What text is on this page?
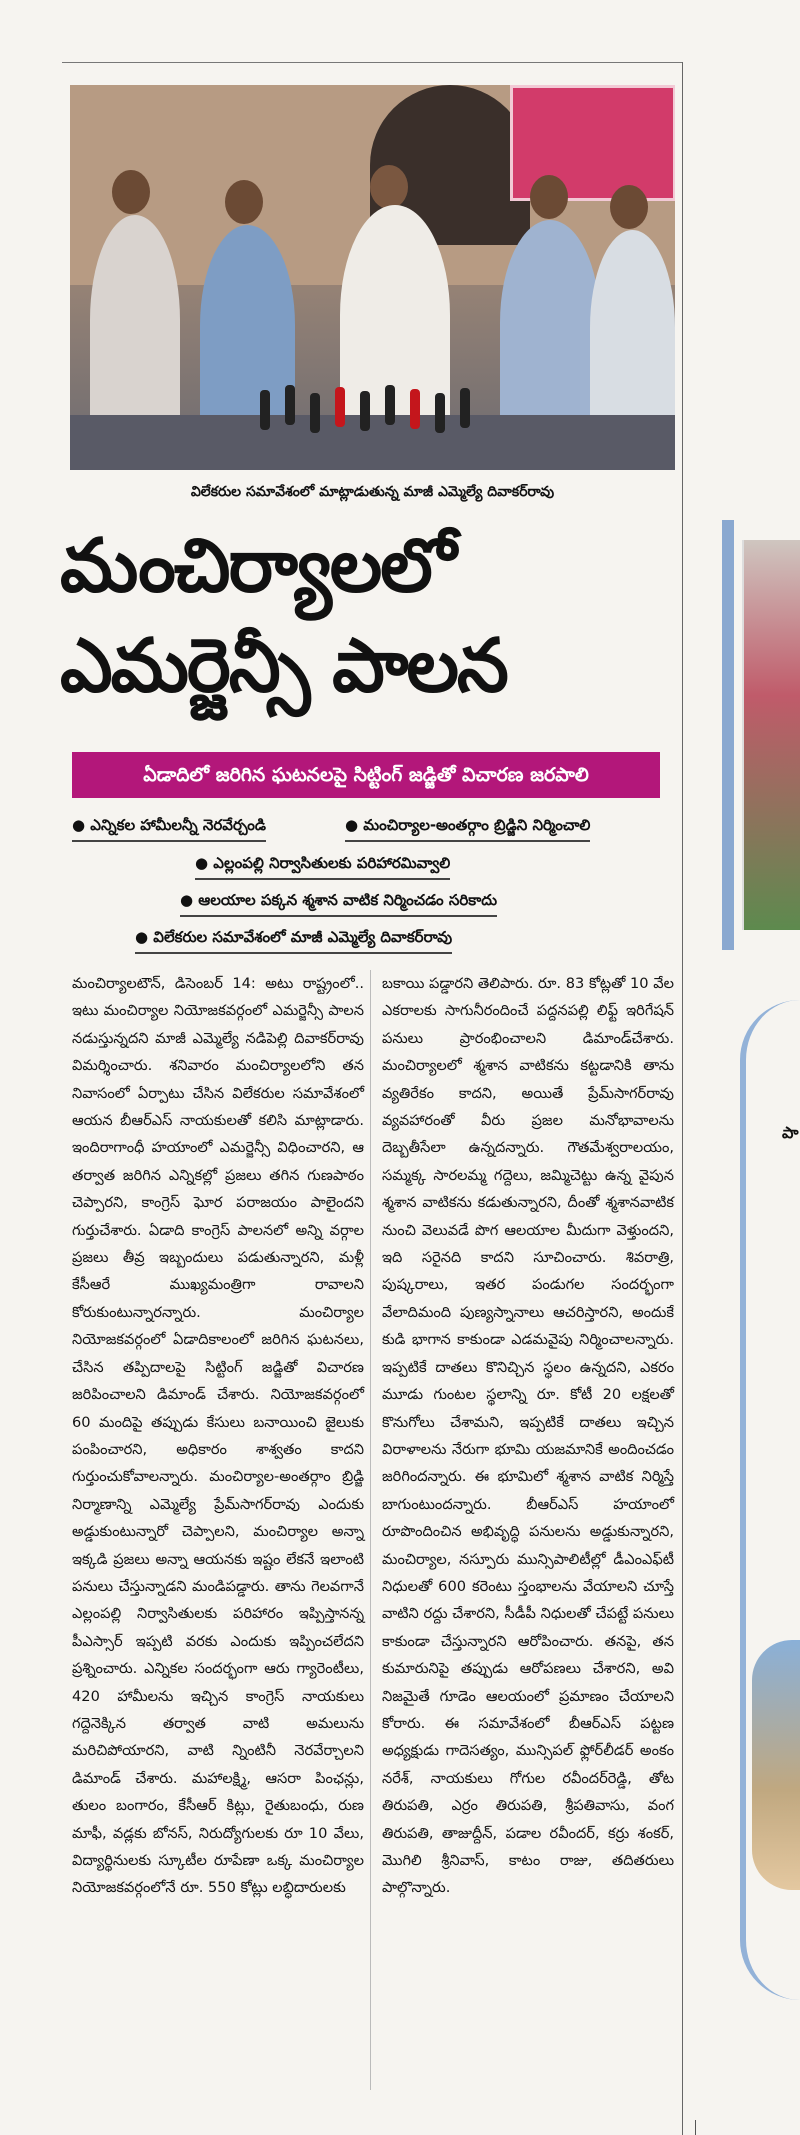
విలేకరుల సమావేశంలో మాట్లాడుతున్న మాజీ ఎమ్మెల్యే దివాకర్‌రావు
మంచిర్యాలలో
ఎమర్జెన్సీ పాలన
ఏడాదిలో జరిగిన ఘటనలపై సిట్టింగ్ జడ్జితో విచారణ జరపాలి
● ఎన్నికల హామీలన్నీ నెరవేర్చండి	● మంచిర్యాల-అంతర్గాం బ్రిడ్జిని నిర్మించాలి
● ఎల్లంపల్లి నిర్వాసితులకు పరిహారమివ్వాలి
● ఆలయాల పక్కన శ్మశాన వాటిక నిర్మించడం సరికాదు
● విలేకరుల సమావేశంలో మాజీ ఎమ్మెల్యే దివాకర్‌రావు
మంచిర్యాలటౌన్, డిసెంబర్ 14: అటు రాష్ట్రంలో.. ఇటు మంచిర్యాల నియోజకవర్గంలో ఎమర్జెన్సీ పాలన నడుస్తున్నదని మాజీ ఎమ్మెల్యే నడిపెల్లి దివాకర్‌రావు విమర్శించారు. శనివారం మంచిర్యాలలోని తన నివాసంలో ఏర్పాటు చేసిన విలేకరుల సమావేశంలో ఆయన బీఆర్‌ఎస్ నాయకులతో కలిసి మాట్లాడారు. ఇందిరాగాంధీ హయాంలో ఎమర్జెన్సీ విధించారని, ఆ తర్వాత జరిగిన ఎన్నికల్లో ప్రజలు తగిన గుణపాఠం చెప్పారని, కాంగ్రెస్ ఘోర పరాజయం పాలైందని గుర్తుచేశారు. ఏడాది కాంగ్రెస్ పాలనలో అన్ని వర్గాల ప్రజలు తీవ్ర ఇబ్బందులు పడుతున్నారని, మళ్లీ కేసీఆరే ముఖ్యమంత్రిగా రావాలని కోరుకుంటున్నారన్నారు. మంచిర్యాల నియోజకవర్గంలో ఏడాదికాలంలో జరిగిన ఘటనలు, చేసిన తప్పిదాలపై సిట్టింగ్ జడ్జితో విచారణ జరిపించాలని డిమాండ్ చేశారు. నియోజకవర్గంలో 60 మందిపై తప్పుడు కేసులు బనాయించి జైలుకు పంపించారని, అధికారం శాశ్వతం కాదని గుర్తుంచుకోవాలన్నారు. మంచిర్యాల-అంతర్గాం బ్రిడ్జి నిర్మాణాన్ని ఎమ్మెల్యే ప్రేమ్‌సాగర్‌రావు ఎందుకు అడ్డుకుంటున్నారో చెప్పాలని, మంచిర్యాల అన్నా ఇక్కడి ప్రజలు అన్నా ఆయనకు ఇష్టం లేకనే ఇలాంటి పనులు చేస్తున్నాడని మండిపడ్డారు. తాను గెలవగానే ఎల్లంపల్లి నిర్వాసితులకు పరిహారం ఇప్పిస్తానన్న పీఎస్సార్ ఇప్పటి వరకు ఎందుకు ఇప్పించలేదని ప్రశ్నించారు. ఎన్నికల సందర్భంగా ఆరు గ్యారెంటీలు, 420 హామీలను ఇచ్చిన కాంగ్రెస్ నాయకులు గద్దెనెక్కిన తర్వాత వాటి అమలును మరిచిపోయారని, వాటి న్నింటినీ నెరవేర్చాలని డిమాండ్ చేశారు. మహాలక్ష్మి, ఆసరా పింఛన్లు, తులం బంగారం, కేసీఆర్ కిట్లు, రైతుబంధు, రుణ మాఫీ, వడ్లకు బోనస్, నిరుద్యోగులకు రూ 10 వేలు, విద్యార్థినులకు స్కూటీల రూపేణా ఒక్క మంచిర్యాల నియోజకవర్గంలోనే రూ. 550 కోట్లు లబ్ధిదారులకు
బకాయి పడ్డారని తెలిపారు. రూ. 83 కోట్లతో 10 వేల ఎకరాలకు సాగునీరందించే పద్దనపల్లి లిఫ్ట్ ఇరిగేషన్ పనులు ప్రారంభించాలని డిమాండ్‌చేశారు. మంచిర్యాలలో శ్మశాన వాటికను కట్టడానికి తాను వ్యతిరేకం కాదని, అయితే ప్రేమ్‌సాగర్‌రావు వ్యవహారంతో వీరు ప్రజల మనోభావాలను దెబ్బతీసేలా ఉన్నదన్నారు. గౌతమేశ్వరాలయం, సమ్మక్క సారలమ్మ గద్దెలు, జమ్మిచెట్టు ఉన్న వైపున శ్మశాన వాటికను కడుతున్నారని, దీంతో శ్మశానవాటిక నుంచి వెలువడే పొగ ఆలయాల మీదుగా వెళ్తుందని, ఇది సరైనది కాదని సూచించారు. శివరాత్రి, పుష్కరాలు, ఇతర పండుగల సందర్భంగా వేలాదిమంది పుణ్యస్నానాలు ఆచరిస్తారని, అందుకే కుడి భాగాన కాకుండా ఎడమవైపు నిర్మించాలన్నారు. ఇప్పటికే దాతలు కొనిచ్చిన స్థలం ఉన్నదని, ఎకరం మూడు గుంటల స్థలాన్ని రూ. కోటీ 20 లక్షలతో కొనుగోలు చేశామని, ఇప్పటికే దాతలు ఇచ్చిన విరాళాలను నేరుగా భూమి యజమానికే అందించడం జరిగిందన్నారు. ఈ భూమిలో శ్మశాన వాటిక నిర్మిస్తే బాగుంటుందన్నారు. బీఆర్‌ఎస్ హయాంలో రూపొందించిన అభివృద్ధి పనులను అడ్డుకున్నారని, మంచిర్యాల, నస్పూరు మున్సిపాలిటీల్లో డీఎంఎఫ్‌టీ నిధులతో 600 కరెంటు స్తంభాలను వేయాలని చూస్తే వాటిని రద్దు చేశారని, సీడీపీ నిధులతో చేపట్టే పనులు కాకుండా చేస్తున్నారని ఆరోపించారు. తనపై, తన కుమారునిపై తప్పుడు ఆరోపణలు చేశారని, అవి నిజమైతే గూడెం ఆలయంలో ప్రమాణం చేయాలని కోరారు. ఈ సమావేశంలో బీఆర్‌ఎస్ పట్టణ అధ్యక్షుడు గాదెసత్యం, మున్సిపల్ ఫ్లోర్‌లీడర్ అంకం నరేశ్, నాయకులు గోగుల రవీందర్‌రెడ్డి, తోట తిరుపతి, ఎర్రం తిరుపతి, శ్రీపతివాసు, వంగ తిరుపతి, తాజుద్దీన్, పడాల రవీందర్, కర్రు శంకర్, మొగిలి శ్రీనివాస్, కాటం రాజు, తదితరులు పాల్గొన్నారు.
పా
